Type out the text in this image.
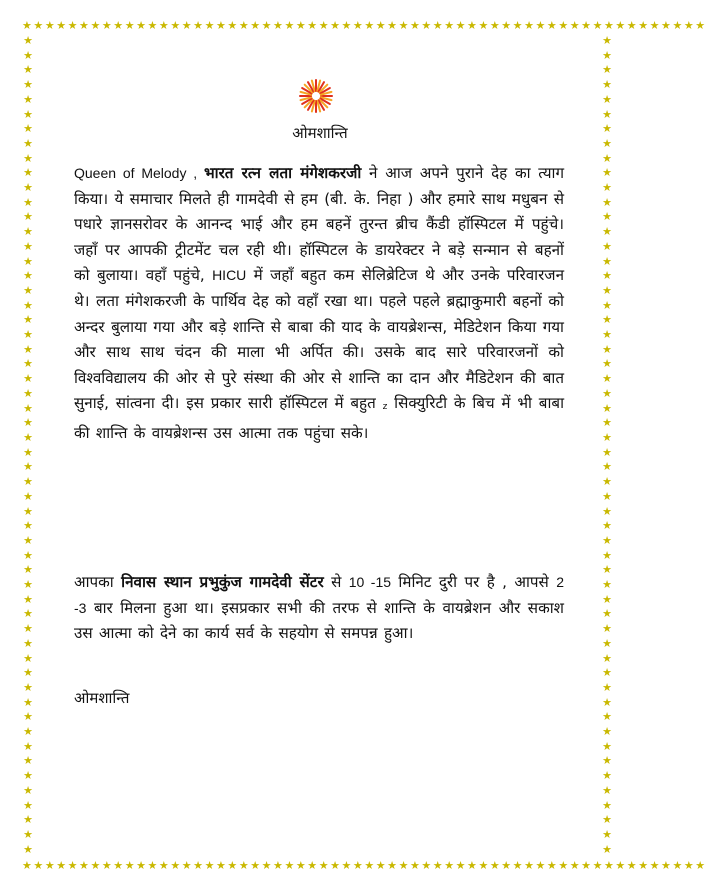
★★★★★★★★★★★★★★★★★★★★★★★★★★★★★★★★★★★★★★★★★★★★★★★★★★★★★★★★★★★★
★★★★★★★★★★★★★★★★★★★★★★★★★★★★★★★★★★★★★★★★★★★★★★★★★★★★★★★★
★★★★★★★★★★★★★★★★★★★★★★★★★★★★★★★★★★★★★★★★★★★★★★★★★★★★★★★★
★★★★★★★★★★★★★★★★★★★★★★★★★★★★★★★★★★★★★★★★★★★★★★★★★★★★★★★★★★★★
ओमशान्ति
Queen of Melody , भारत रत्न लता मंगेशकरजी ने आज अपने पुराने देह का त्याग किया। ये समाचार मिलते ही गामदेवी से हम (बी. के. निहा ) और हमारे साथ मधुबन से पधारे ज्ञानसरोवर के आनन्द भाई और हम बहनें तुरन्त ब्रीच कैंडी हॉस्पिटल में पहुंचे। जहाँ पर आपकी ट्रीटमेंट चल रही थी। हॉस्पिटल के डायरेक्टर ने बड़े सन्मान से बहनों को बुलाया। वहाँ पहुंचे, HICU में जहाँ बहुत कम सेलिब्रेटिज थे और उनके परिवारजन थे। लता मंगेशकरजी के पार्थिव देह को वहाँ रखा था। पहले पहले ब्रह्माकुमारी बहनों को अन्दर बुलाया गया और बड़े शान्ति से बाबा की याद के वायब्रेशन्स, मेडिटेशन किया गया और साथ साथ चंदन की माला भी अर्पित की। उसके बाद सारे परिवारजनों को विश्वविद्यालय की ओर से पुरे संस्था की ओर से शान्ति का दान और मैडिटेशन की बात सुनाई, सांत्वना दी। इस प्रकार सारी हॉस्पिटल में बहुत z सिक्युरिटी के बिच में भी बाबा की शान्ति के वायब्रेशन्स उस आत्मा तक पहुंचा सके।
आपका निवास स्थान प्रभुकुंज गामदेवी सेंटर से 10 -15 मिनिट दुरी पर है , आपसे 2 -3 बार मिलना हुआ था। इसप्रकार सभी की तरफ से शान्ति के वायब्रेशन और सकाश उस आत्मा को देने का कार्य सर्व के सहयोग से समपन्न हुआ।
ओमशान्ति
